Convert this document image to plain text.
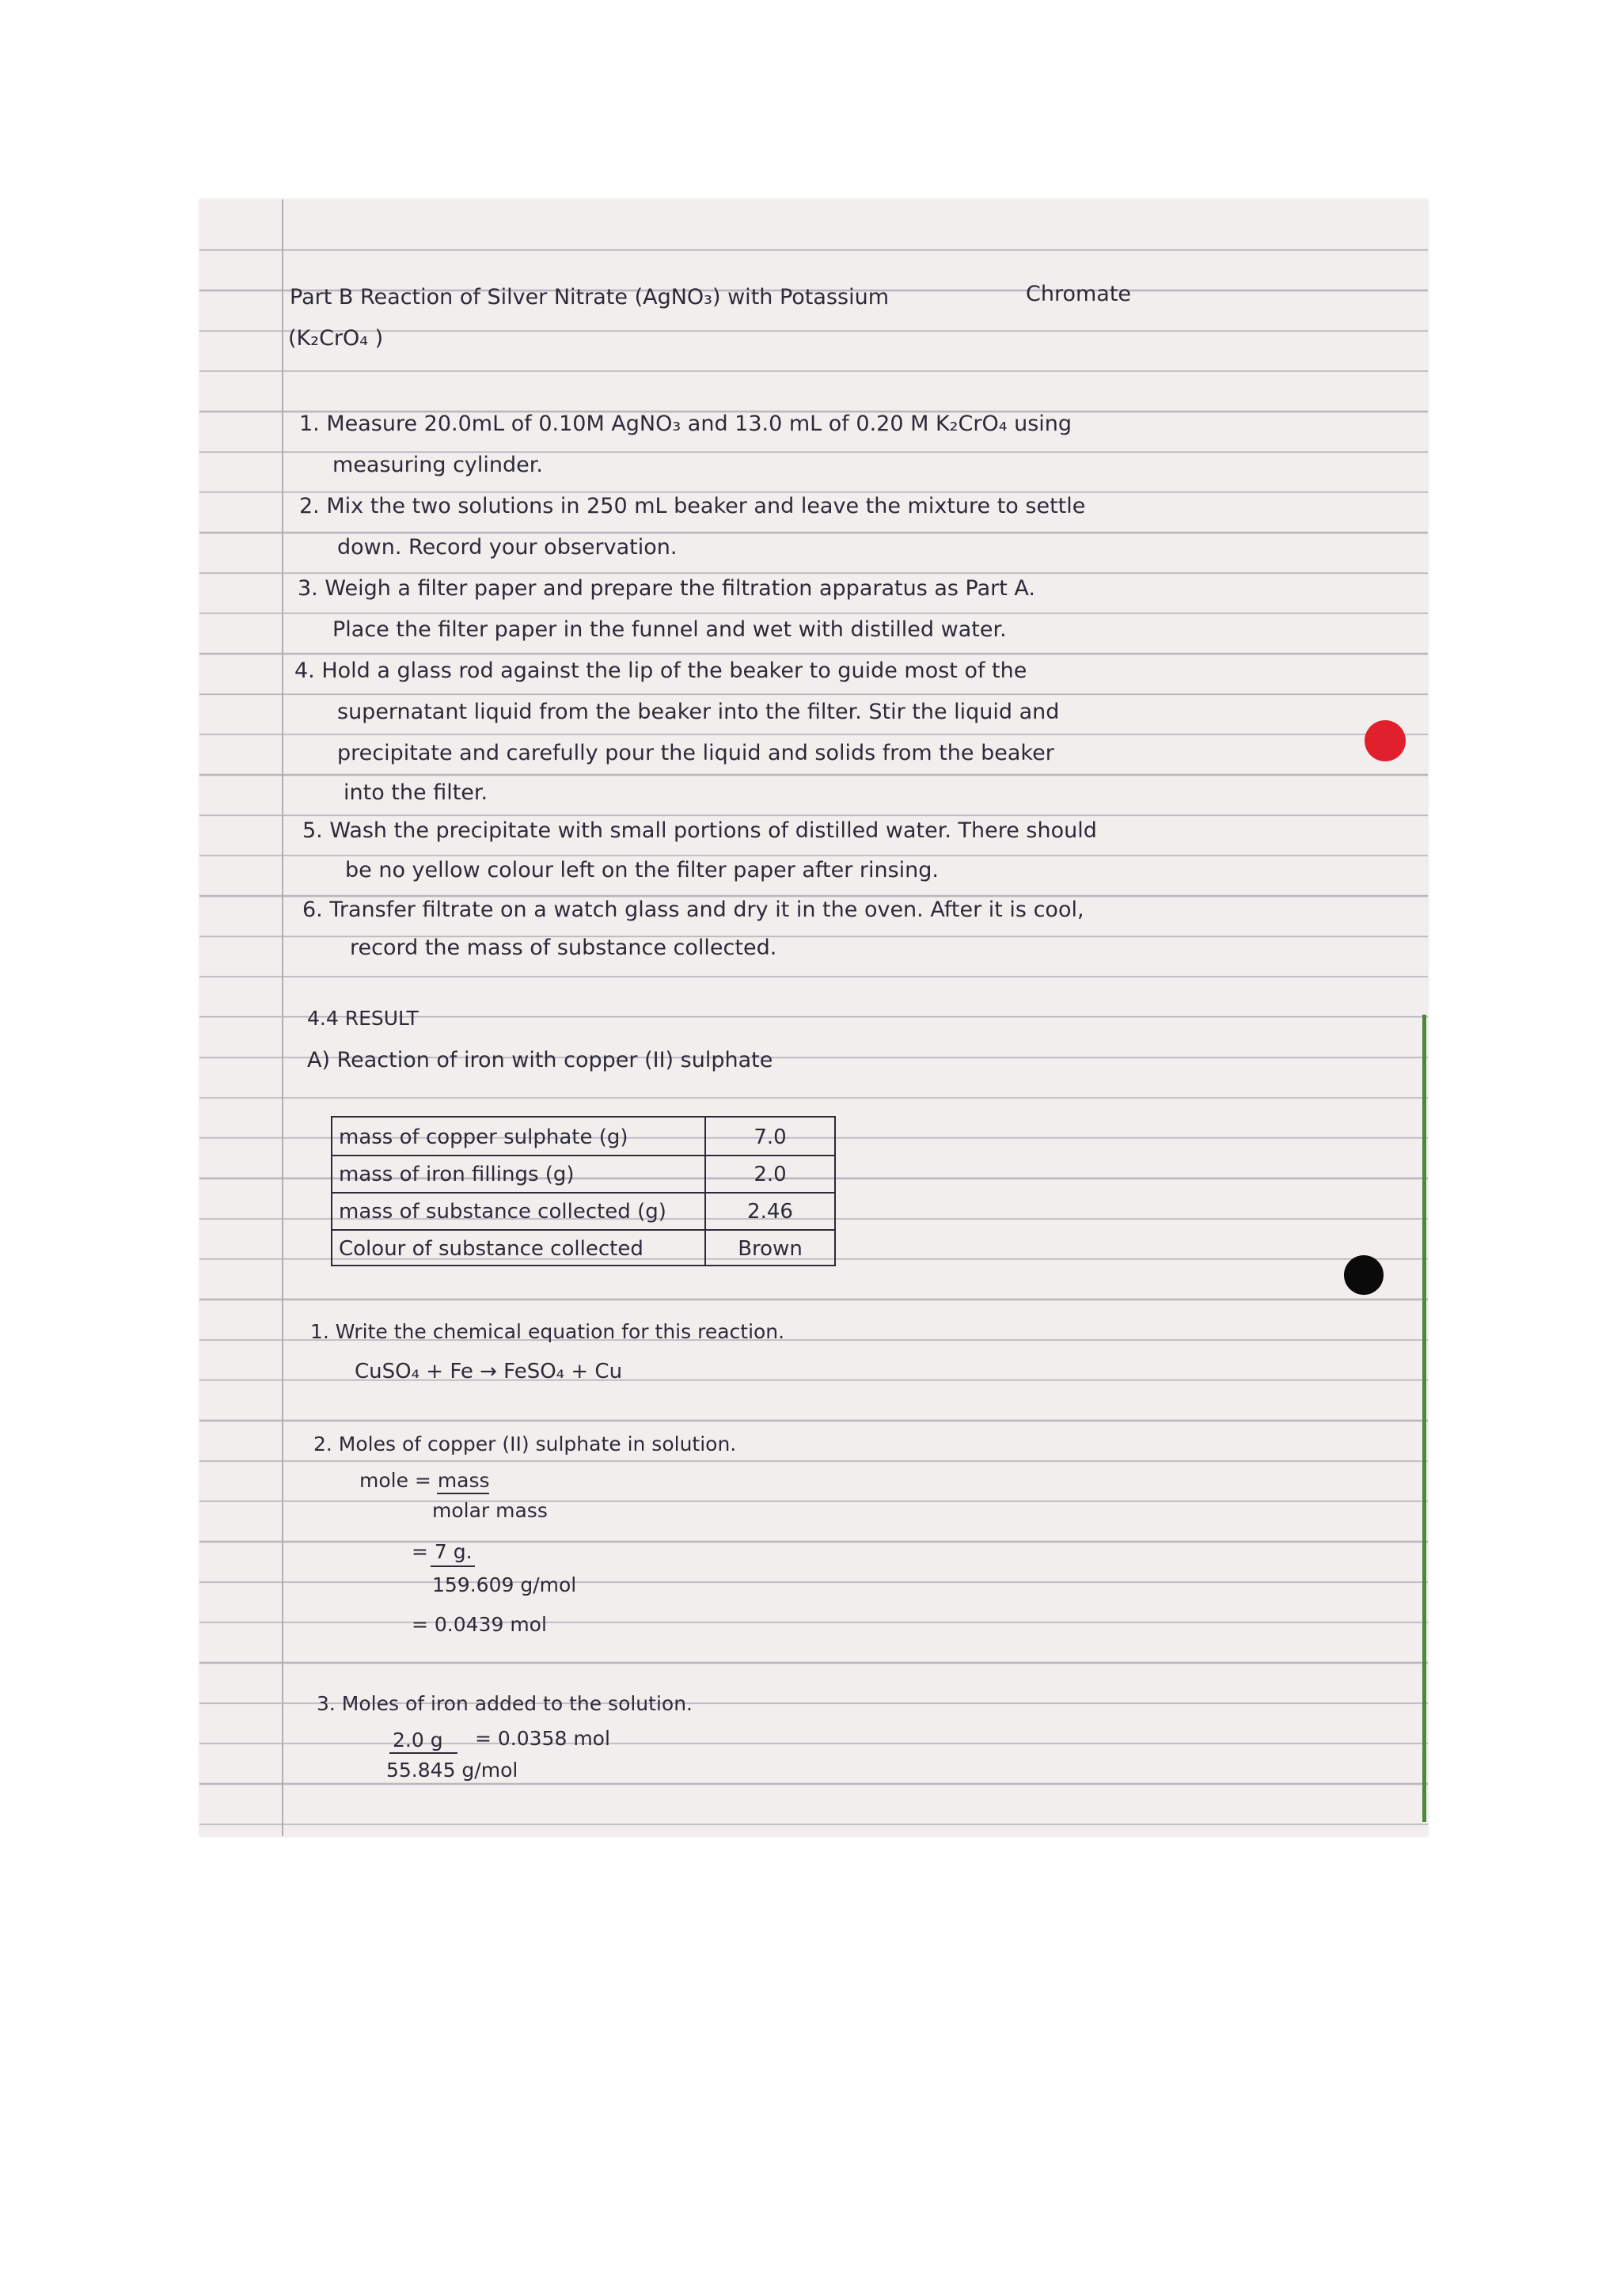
Part B Reaction of Silver Nitrate (AgNO₃) with Potassium	Chromate
(K₂CrO₄ )
1. Measure 20.0mL of 0.10M AgNO₃ and 13.0 mL of 0.20 M K₂CrO₄ using
measuring cylinder.
2. Mix the two solutions in 250 mL beaker and leave the mixture to settle
down. Record your observation.
3. Weigh a filter paper and prepare the filtration apparatus as Part A.
Place the filter paper in the funnel and wet with distilled water.
4. Hold a glass rod against the lip of the beaker to guide most of the
supernatant liquid from the beaker into the filter. Stir the liquid and
precipitate and carefully pour the liquid and solids from the beaker
into the filter.
5. Wash the precipitate with small portions of distilled water. There should
be no yellow colour left on the filter paper after rinsing.
6. Transfer filtrate on a watch glass and dry it in the oven. After it is cool,
record the mass of substance collected.
4.4 RESULT
A) Reaction of iron with copper (II) sulphate
mass of copper sulphate (g)	7.0
mass of iron fillings (g)	2.0
mass of substance collected (g)	2.46
Colour of substance collected	Brown
1. Write the chemical equation for this reaction.
CuSO₄ + Fe → FeSO₄ + Cu
2. Moles of copper (II) sulphate in solution.
mole = mass
molar mass
= 7 g.
159.609 g/mol
= 0.0439 mol
3. Moles of iron added to the solution.
2.0 g = 0.0358 mol
55.845 g/mol
